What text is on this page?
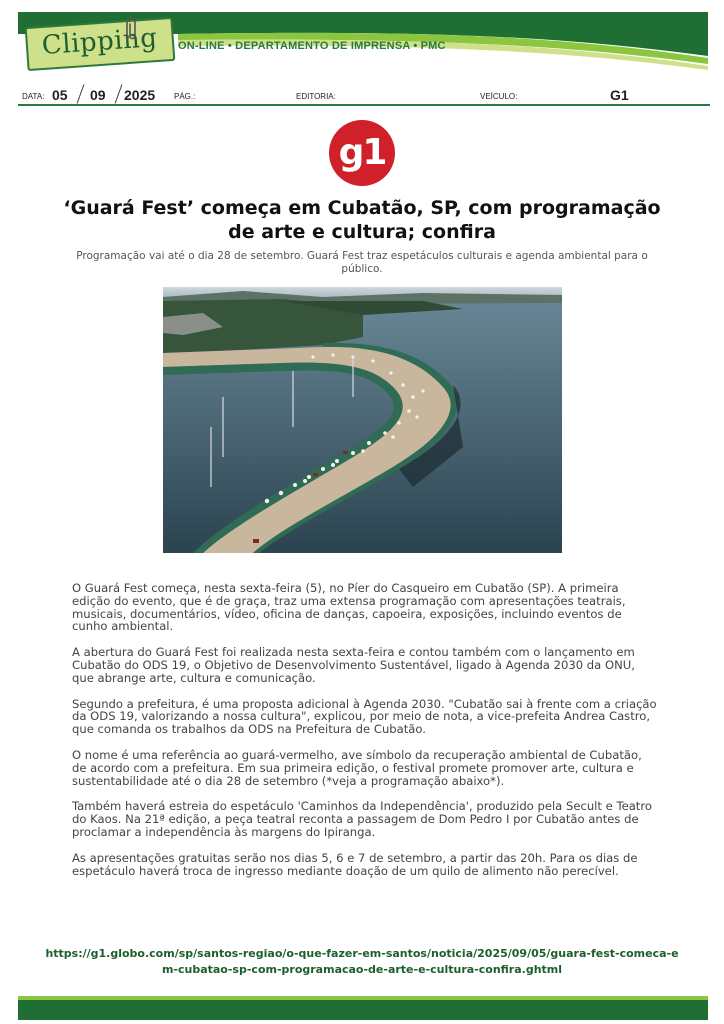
Clipping ON-LINE • DEPARTAMENTO DE IMPRENSA • PMC
DATA: 05 09 2025 PÁG.:	EDITORIA:	VEÍCULO:	G1
g1
‘Guará Fest’ começa em Cubatão, SP, com programação de arte e cultura; confira

Programação vai até o dia 28 de setembro. Guará Fest traz espetáculos culturais e agenda ambiental para o público.

O Guará Fest começa, nesta sexta-feira (5), no Píer do Casqueiro em Cubatão (SP). A primeira edição do evento, que é de graça, traz uma extensa programação com apresentações teatrais, musicais, documentários, vídeo, oficina de danças, capoeira, exposições, incluindo eventos de cunho ambiental.

A abertura do Guará Fest foi realizada nesta sexta-feira e contou também com o lançamento em Cubatão do ODS 19, o Objetivo de Desenvolvimento Sustentável, ligado à Agenda 2030 da ONU, que abrange arte, cultura e comunicação.

Segundo a prefeitura, é uma proposta adicional à Agenda 2030. "Cubatão sai à frente com a criação da ODS 19, valorizando a nossa cultura", explicou, por meio de nota, a vice-prefeita Andrea Castro, que comanda os trabalhos da ODS na Prefeitura de Cubatão.

O nome é uma referência ao guará-vermelho, ave símbolo da recuperação ambiental de Cubatão, de acordo com a prefeitura. Em sua primeira edição, o festival promete promover arte, cultura e sustentabilidade até o dia 28 de setembro (*veja a programação abaixo*).

Também haverá estreia do espetáculo 'Caminhos da Independência', produzido pela Secult e Teatro do Kaos. Na 21ª edição, a peça teatral reconta a passagem de Dom Pedro I por Cubatão antes de proclamar a independência às margens do Ipiranga.

As apresentações gratuitas serão nos dias 5, 6 e 7 de setembro, a partir das 20h. Para os dias de espetáculo haverá troca de ingresso mediante doação de um quilo de alimento não perecível.

https://g1.globo.com/sp/santos-regiao/o-que-fazer-em-santos/noticia/2025/09/05/guara-fest-comeca-em-cubatao-sp-com-programacao-de-arte-e-cultura-confira.ghtml
